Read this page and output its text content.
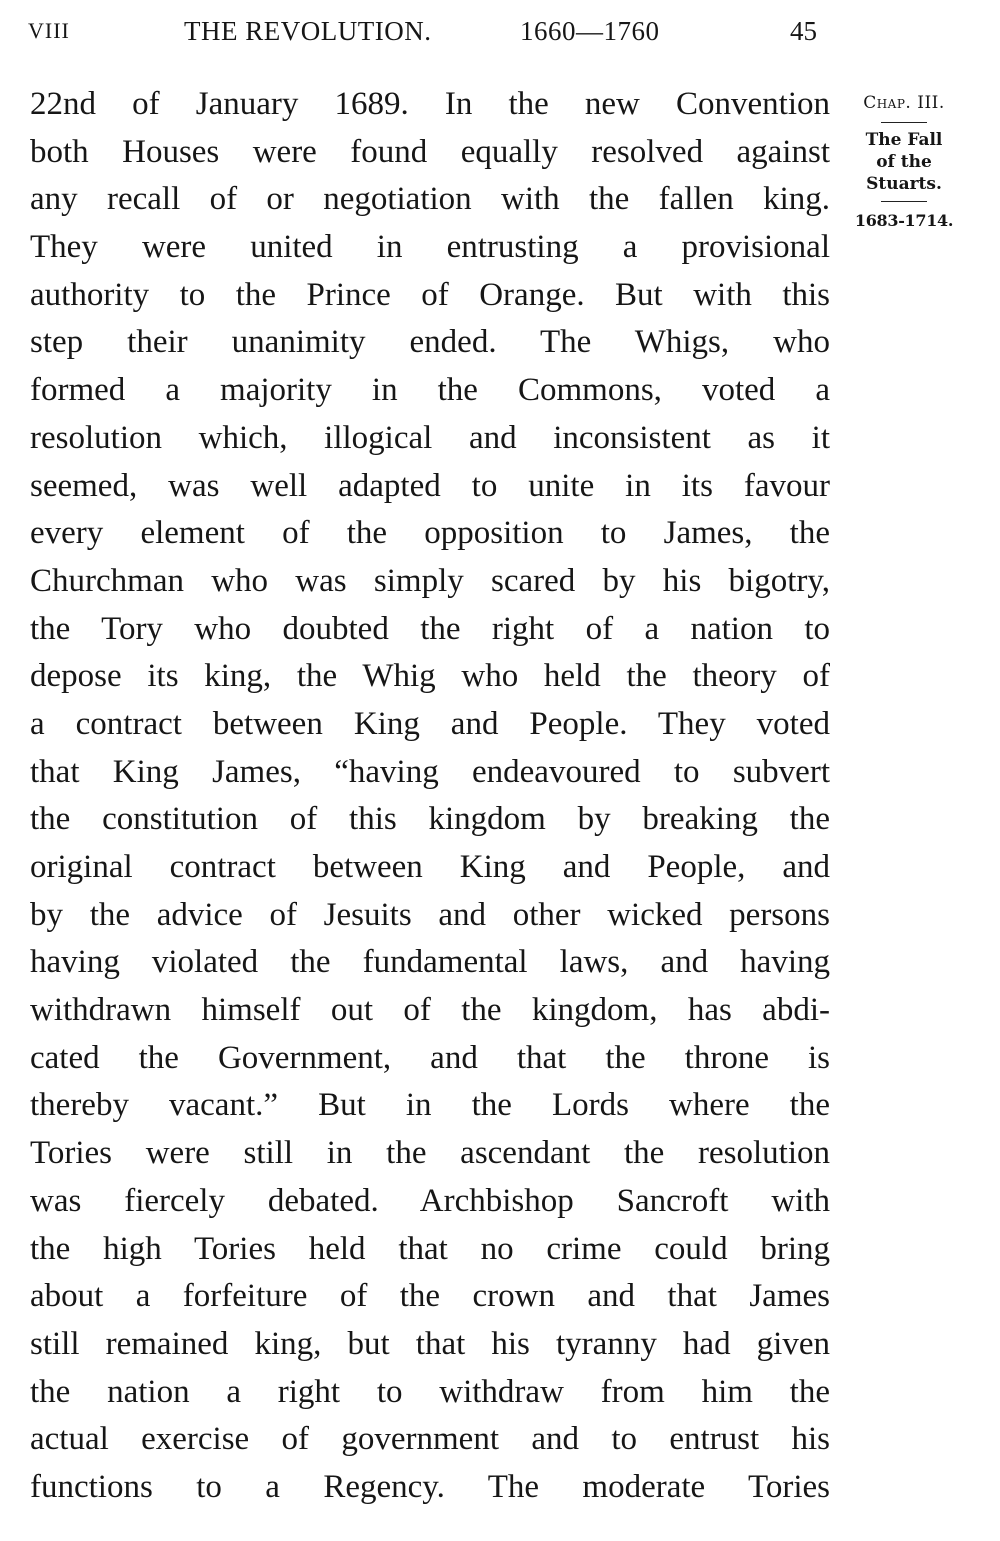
VIII	THE REVOLUTION.	1660—1760	45
22nd of January 1689. In the new Convention
both Houses were found equally resolved against
any recall of or negotiation with the fallen king.
They were united in entrusting a provisional
authority to the Prince of Orange. But with this
step their unanimity ended. The Whigs, who
formed a majority in the Commons, voted a
resolution which, illogical and inconsistent as it
seemed, was well adapted to unite in its favour
every element of the opposition to James, the
Churchman who was simply scared by his bigotry,
the Tory who doubted the right of a nation to
depose its king, the Whig who held the theory of
a contract between King and People. They voted
that King James, “having endeavoured to subvert
the constitution of this kingdom by breaking the
original contract between King and People, and
by the advice of Jesuits and other wicked persons
having violated the fundamental laws, and having
withdrawn himself out of the kingdom, has abdi-
cated the Government, and that the throne is
thereby vacant.” But in the Lords where the
Tories were still in the ascendant the resolution
was fiercely debated. Archbishop Sancroft with
the high Tories held that no crime could bring
about a forfeiture of the crown and that James
still remained king, but that his tyranny had given
the nation a right to withdraw from him the
actual exercise of government and to entrust his
functions to a Regency. The moderate Tories
Chap. III.
The Fall
of the
Stuarts.
1683-1714.
